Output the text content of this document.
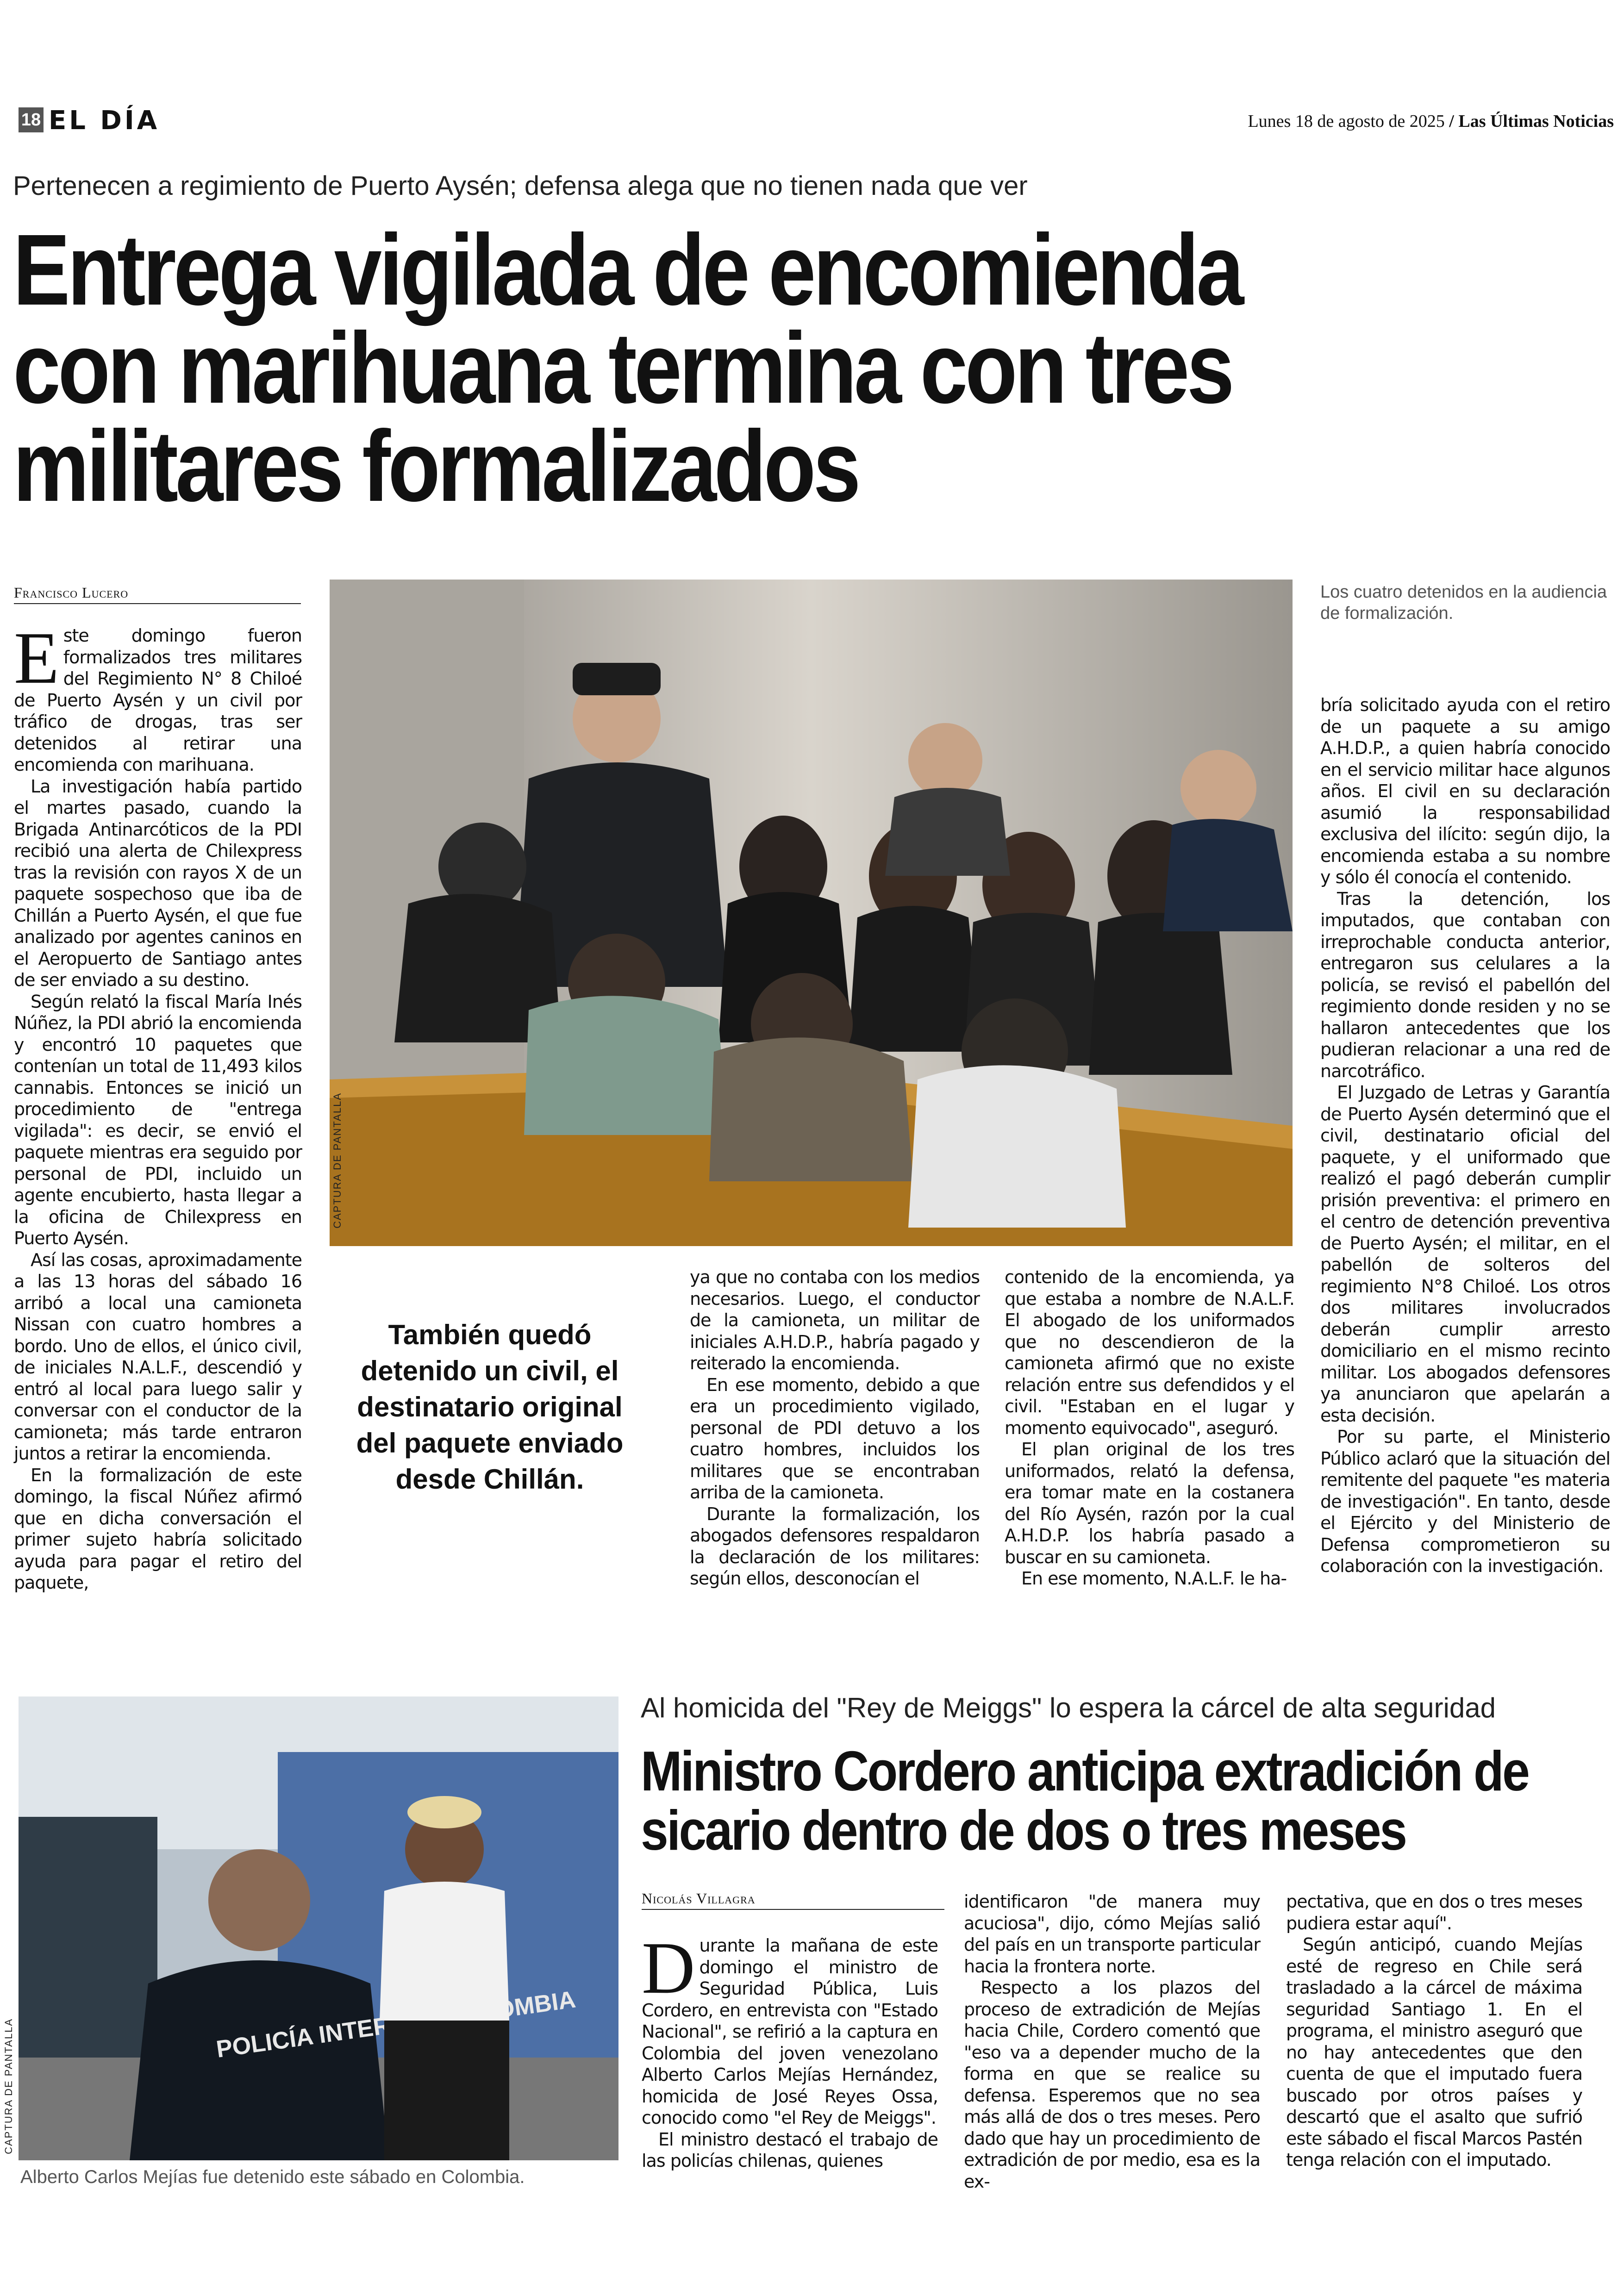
18 EL DÍA	Lunes 18 de agosto de 2025 / Las Últimas Noticias
Pertenecen a regimiento de Puerto Aysén; defensa alega que no tienen nada que ver
Entrega vigilada de encomienda con marihuana termina con tres militares formalizados
Francisco Lucero

Este domingo fueron formalizados tres militares del Regimiento N° 8 Chiloé de Puerto Aysén y un civil por tráfico de drogas, tras ser detenidos al retirar una encomienda con marihuana.

La investigación había partido el martes pasado, cuando la Brigada Antinarcóticos de la PDI recibió una alerta de Chilexpress tras la revisión con rayos X de un paquete sospechoso que iba de Chillán a Puerto Aysén, el que fue analizado por agentes caninos en el Aeropuerto de Santiago antes de ser enviado a su destino.

Según relató la fiscal María Inés Núñez, la PDI abrió la encomienda y encontró 10 paquetes que contenían un total de 11,493 kilos cannabis. Entonces se inició un procedimiento de "entrega vigilada": es decir, se envió el paquete mientras era seguido por personal de PDI, incluido un agente encubierto, hasta llegar a la oficina de Chilexpress en Puerto Aysén.

Así las cosas, aproximadamente a las 13 horas del sábado 16 arribó a local una camioneta Nissan con cuatro hombres a bordo. Uno de ellos, el único civil, de iniciales N.A.L.F., descendió y entró al local para luego salir y conversar con el conductor de la camioneta; más tarde entraron juntos a retirar la encomienda.

En la formalización de este domingo, la fiscal Núñez afirmó que en dicha conversación el primer sujeto habría solicitado ayuda para pagar el retiro del paquete,

CAPTURA DE PANTALLA
Los cuatro detenidos en la audiencia de formalización.

bría solicitado ayuda con el retiro de un paquete a su amigo A.H.D.P., a quien habría conocido en el servicio militar hace algunos años. El civil en su declaración asumió la responsabilidad exclusiva del ilícito: según dijo, la encomienda estaba a su nombre y sólo él conocía el contenido.

Tras la detención, los imputados, que contaban con irreprochable conducta anterior, entregaron sus celulares a la policía, se revisó el pabellón del regimiento donde residen y no se hallaron antecedentes que los pudieran relacionar a una red de narcotráfico.

El Juzgado de Letras y Garantía de Puerto Aysén determinó que el civil, destinatario oficial del paquete, y el uniformado que realizó el pagó deberán cumplir prisión preventiva: el primero en el centro de detención preventiva de Puerto Aysén; el militar, en el pabellón de solteros del regimiento N°8 Chiloé. Los otros dos militares involucrados deberán cumplir arresto domiciliario en el mismo recinto militar. Los abogados defensores ya anunciaron que apelarán a esta decisión.

Por su parte, el Ministerio Público aclaró que la situación del remitente del paquete "es materia de investigación". En tanto, desde el Ejército y del Ministerio de Defensa comprometieron su colaboración con la investigación.

También quedó detenido un civil, el destinatario original del paquete enviado desde Chillán.

ya que no contaba con los medios necesarios. Luego, el conductor de la camioneta, un militar de iniciales A.H.D.P., habría pagado y reiterado la encomienda.

En ese momento, debido a que era un procedimiento vigilado, personal de PDI detuvo a los cuatro hombres, incluidos los militares que se encontraban arriba de la camioneta.

Durante la formalización, los abogados defensores respaldaron la declaración de los militares: según ellos, desconocían el

contenido de la encomienda, ya que estaba a nombre de N.A.L.F. El abogado de los uniformados que no descendieron de la camioneta afirmó que no existe relación entre sus defendidos y el civil. "Estaban en el lugar y momento equivocado", aseguró.

El plan original de los tres uniformados, relató la defensa, era tomar mate en la costanera del Río Aysén, razón por la cual A.H.D.P. los habría pasado a buscar en su camioneta.

En ese momento, N.A.L.F. le ha-

POLICÍA INTERPOL COLOMBIA
CAPTURA DE PANTALLA
Alberto Carlos Mejías fue detenido este sábado en Colombia.
Al homicida del "Rey de Meiggs" lo espera la cárcel de alta seguridad
Ministro Cordero anticipa extradición de sicario dentro de dos o tres meses
Nicolás Villagra

Durante la mañana de este domingo el ministro de Seguridad Pública, Luis Cordero, en entrevista con "Estado Nacional", se refirió a la captura en Colombia del joven venezolano Alberto Carlos Mejías Hernández, homicida de José Reyes Ossa, conocido como "el Rey de Meiggs".

El ministro destacó el trabajo de las policías chilenas, quienes

identificaron "de manera muy acuciosa", dijo, cómo Mejías salió del país en un transporte particular hacia la frontera norte.

Respecto a los plazos del proceso de extradición de Mejías hacia Chile, Cordero comentó que "eso va a depender mucho de la forma en que se realice su defensa. Esperemos que no sea más allá de dos o tres meses. Pero dado que hay un procedimiento de extradición de por medio, esa es la ex-

pectativa, que en dos o tres meses pudiera estar aquí".

Según anticipó, cuando Mejías esté de regreso en Chile será trasladado a la cárcel de máxima seguridad Santiago 1. En el programa, el ministro aseguró que no hay antecedentes que den cuenta de que el imputado fuera buscado por otros países y descartó que el asalto que sufrió este sábado el fiscal Marcos Pastén tenga relación con el imputado.
